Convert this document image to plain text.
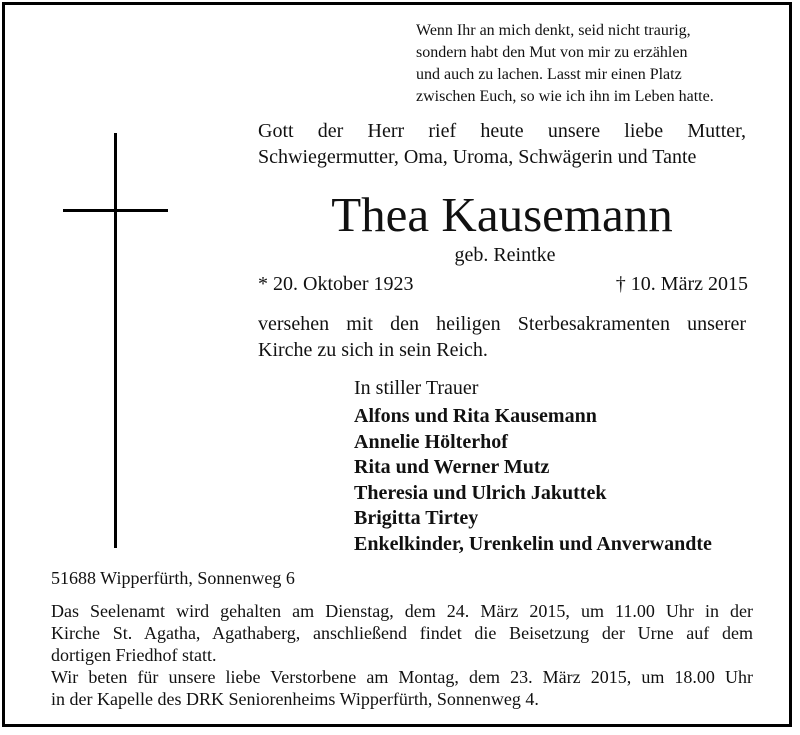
Wenn Ihr an mich denkt, seid nicht traurig,
sondern habt den Mut von mir zu erzählen
und auch zu lachen. Lasst mir einen Platz
zwischen Euch, so wie ich ihn im Leben hatte.
Gott der Herr rief heute unsere liebe Mutter,
Schwiegermutter, Oma, Uroma, Schwägerin und Tante
Thea Kausemann
geb. Reintke
* 20. Oktober 1923	† 10. März 2015
versehen mit den heiligen Sterbesakramenten unserer
Kirche zu sich in sein Reich.
In stiller Trauer
Alfons und Rita Kausemann
Annelie Hölterhof
Rita und Werner Mutz
Theresia und Ulrich Jakuttek
Brigitta Tirtey
Enkelkinder, Urenkelin und Anverwandte
51688 Wipperfürth, Sonnenweg 6
Das Seelenamt wird gehalten am Dienstag, dem 24. März 2015, um 11.00 Uhr in der
Kirche St. Agatha, Agathaberg, anschließend findet die Beisetzung der Urne auf dem
dortigen Friedhof statt.
Wir beten für unsere liebe Verstorbene am Montag, dem 23. März 2015, um 18.00 Uhr
in der Kapelle des DRK Seniorenheims Wipperfürth, Sonnenweg 4.
